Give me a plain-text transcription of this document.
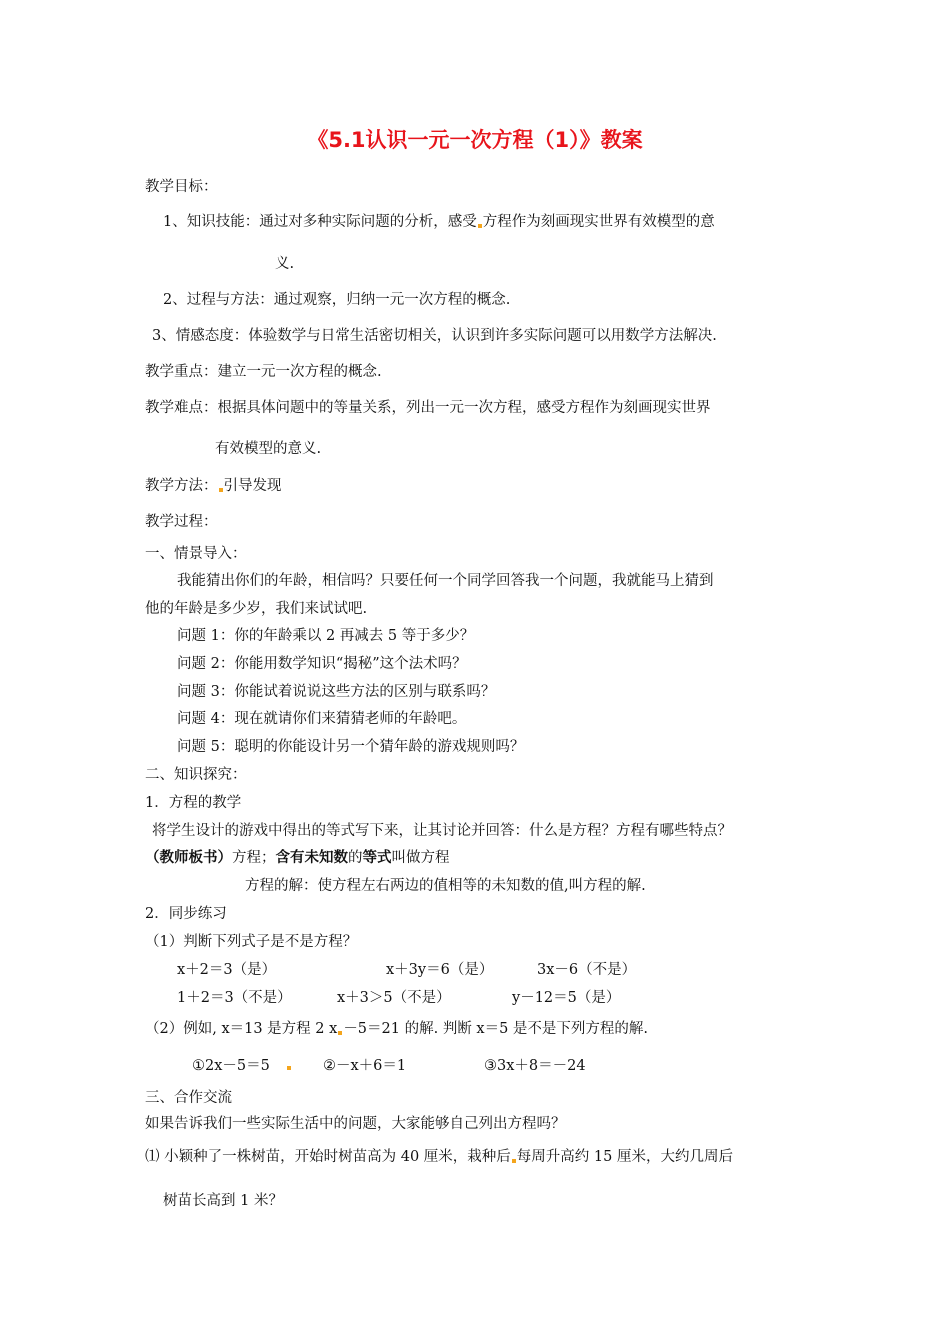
《5.1认识一元一次方程（1）》教案
教学目标：
1、知识技能：通过对多种实际问题的分析，感受 方程作为刻画现实世界有效模型的意
义.
2、过程与方法：通过观察，归纳一元一次方程的概念.
3、情感态度：体验数学与日常生活密切相关，认识到许多实际问题可以用数学方法解决.
教学重点：建立一元一次方程的概念.
教学难点：根据具体问题中的等量关系，列出一元一次方程，感受方程作为刻画现实世界
有效模型的意义.
教学方法： 引导发现
教学过程：
一、情景导入：
我能猜出你们的年龄，相信吗？只要任何一个同学回答我一个问题，我就能马上猜到
他的年龄是多少岁，我们来试试吧.
问题 1：你的年龄乘以 2 再减去 5 等于多少？
问题 2：你能用数学知识“揭秘”这个法术吗？
问题 3：你能试着说说这些方法的区别与联系吗？
问题 4：现在就请你们来猜猜老师的年龄吧。
问题 5：聪明的你能设计另一个猜年龄的游戏规则吗？
二、知识探究：
1．方程的教学
将学生设计的游戏中得出的等式写下来，让其讨论并回答：什么是方程？方程有哪些特点？
（教师板书）方程；含有未知数的等式叫做方程
方程的解：使方程左右两边的值相等的未知数的值,叫方程的解.
2．同步练习
（1）判断下列式子是不是方程？
x＋2＝3（是）	x＋3y＝6（是）	3x－6（不是）
1＋2＝3（不是）	x＋3＞5（不是）	y－12＝5（是）
（2）例如, x＝13 是方程 2 x －5＝21 的解. 判断 x＝5 是不是下列方程的解.
①2x－5＝5	②－x＋6＝1	③3x＋8＝－24
三、合作交流
如果告诉我们一些实际生活中的问题，大家能够自己列出方程吗？
⑴ 小颖种了一株树苗，开始时树苗高为 40 厘米，栽种后 每周升高约 15 厘米，大约几周后
树苗长高到 1 米？
